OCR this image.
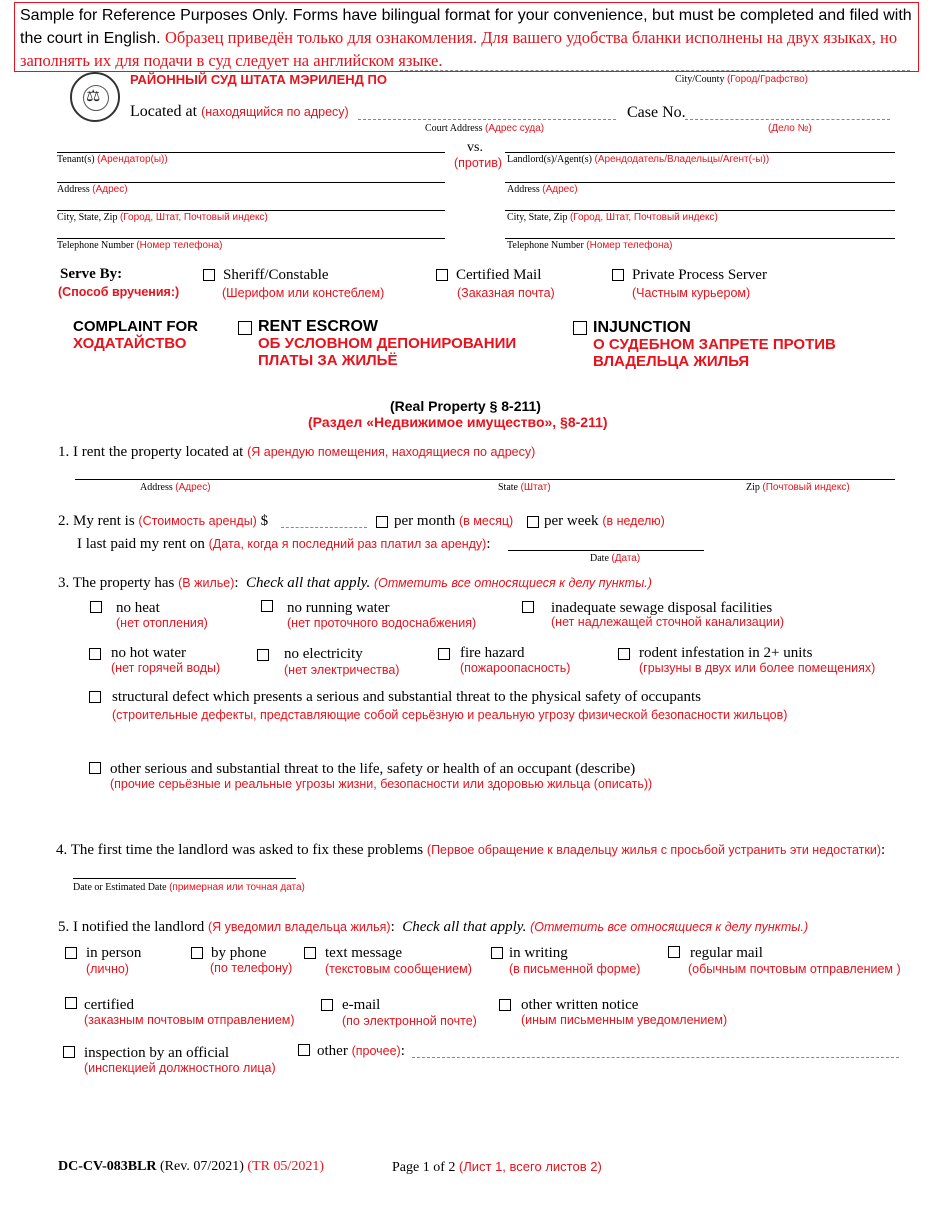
Sample for Reference Purposes Only. Forms have bilingual format for your convenience, but must be completed and filed with the court in English. Образец приведён только для ознакомления. Для вашего удобства бланки исполнены на двух языках, но заполнять их для подачи в суд следует на английском языке.
⚖
РАЙОННЫЙ СУД ШТАТА МЭРИЛЕНД ПО	City/County (Город/Графство)
Located at (находящийся по адресу)	Case No.
Court Address (Адрес суда)	(Дело №)
vs.
(против)
Tenant(s) (Арендатор(ы))
Address (Адрес)
City, State, Zip (Город, Штат, Почтовый индекс)
Telephone Number (Номер телефона)
Landlord(s)/Agent(s) (Арендодатель/Владельцы/Агент(-ы))
Address (Адрес)
City, State, Zip (Город, Штат, Почтовый индекс)
Telephone Number (Номер телефона)
Serve By:
(Способ вручения:)
Sheriff/Constable
(Шерифом или констеблем)
Certified Mail
(Заказная почта)
Private Process Server
(Частным курьером)
COMPLAINT FOR
ХОДАТАЙСТВО
RENT ESCROW
ОБ УСЛОВНОМ ДЕПОНИРОВАНИИ ПЛАТЫ ЗА ЖИЛЬЁ
INJUNCTION
О СУДЕБНОМ ЗАПРЕТЕ ПРОТИВ ВЛАДЕЛЬЦА ЖИЛЬЯ
(Real Property § 8-211)
(Раздел «Недвижимое имущество», §8-211)
1. I rent the property located at (Я арендую помещения, находящиеся по адресу)
Address (Адрес)	State (Штат)	Zip (Почтовый индекс)
2. My rent is (Стоимость аренды) $	per month (в месяц) per week (в неделю)
I last paid my rent on (Дата, когда я последний раз платил за аренду):
Date (Дата)
3. The property has (В жилье): Check all that apply. (Отметить все относящиеся к делу пункты.)
no heat
(нет отопления)
no running water
(нет проточного водоснабжения)
inadequate sewage disposal facilities
(нет надлежащей сточной канализации)
no hot water
(нет горячей воды)
no electricity
(нет электричества)
fire hazard
(пожароопасность)
rodent infestation in 2+ units
(грызуны в двух или более помещениях)
structural defect which presents a serious and substantial threat to the physical safety of occupants
(строительные дефекты, представляющие собой серьёзную и реальную угрозу физической безопасности жильцов)
other serious and substantial threat to the life, safety or health of an occupant (describe)
(прочие серьёзные и реальные угрозы жизни, безопасности или здоровью жильца (описать))
4. The first time the landlord was asked to fix these problems (Первое обращение к владельцу жилья с просьбой устранить эти недостатки):
Date or Estimated Date (примерная или точная дата)
5. I notified the landlord (Я уведомил владельца жилья): Check all that apply. (Отметить все относящиеся к делу пункты.)
in person
(лично)
by phone
(по телефону)
text message
(текстовым сообщением)
in writing
(в письменной форме)
regular mail
(обычным почтовым отправлением )
certified
(заказным почтовым отправлением)
e-mail
(по электронной почте)
other written notice
(иным письменным уведомлением)
inspection by an official
(инспекцией должностного лица)
other (прочее):
DC-CV-083BLR (Rev. 07/2021) (TR 05/2021)	Page 1 of 2 (Лист 1, всего листов 2)
